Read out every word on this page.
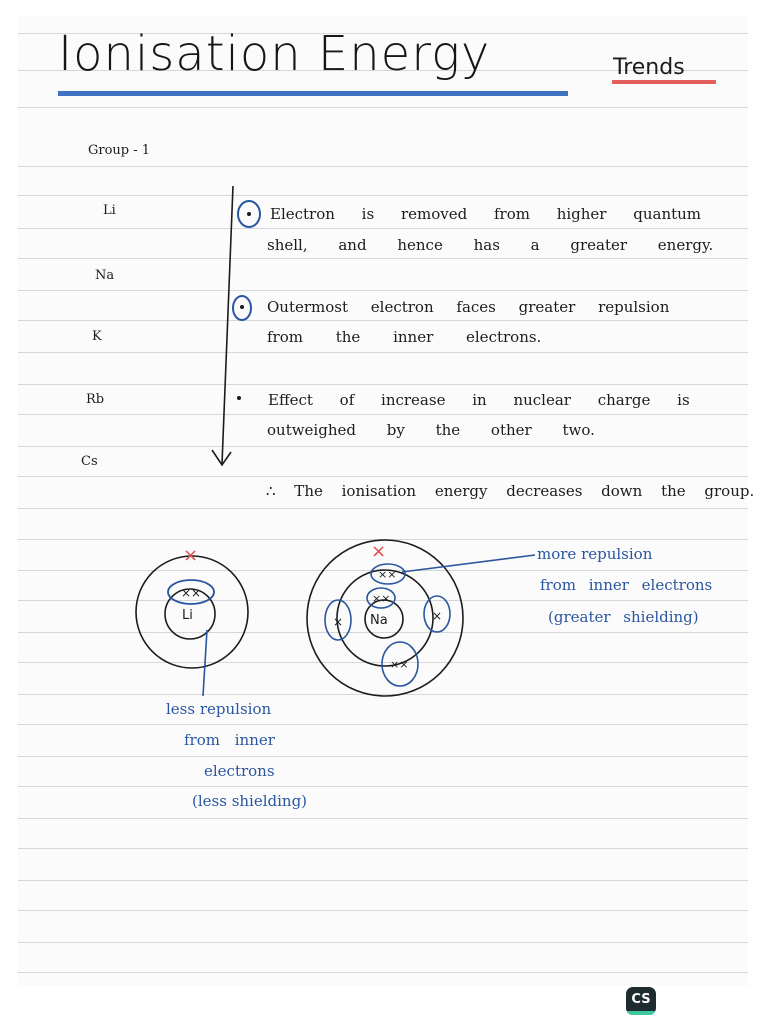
××
Li
×
Na
××
××
×	×
××
×
Ionisation Energy	Trends
Group - 1
Li
Na
K
Rb
Cs
Electron is removed from higher quantum
shell, and hence has a greater energy.
Outermost electron faces greater repulsion
from the inner electrons.
Effect of increase in nuclear charge is
outweighed by the other two.
∴ The ionisation energy decreases down the group.
more repulsion
from inner electrons
(greater shielding)
less repulsion
from inner
electrons
(less shielding)
CS
